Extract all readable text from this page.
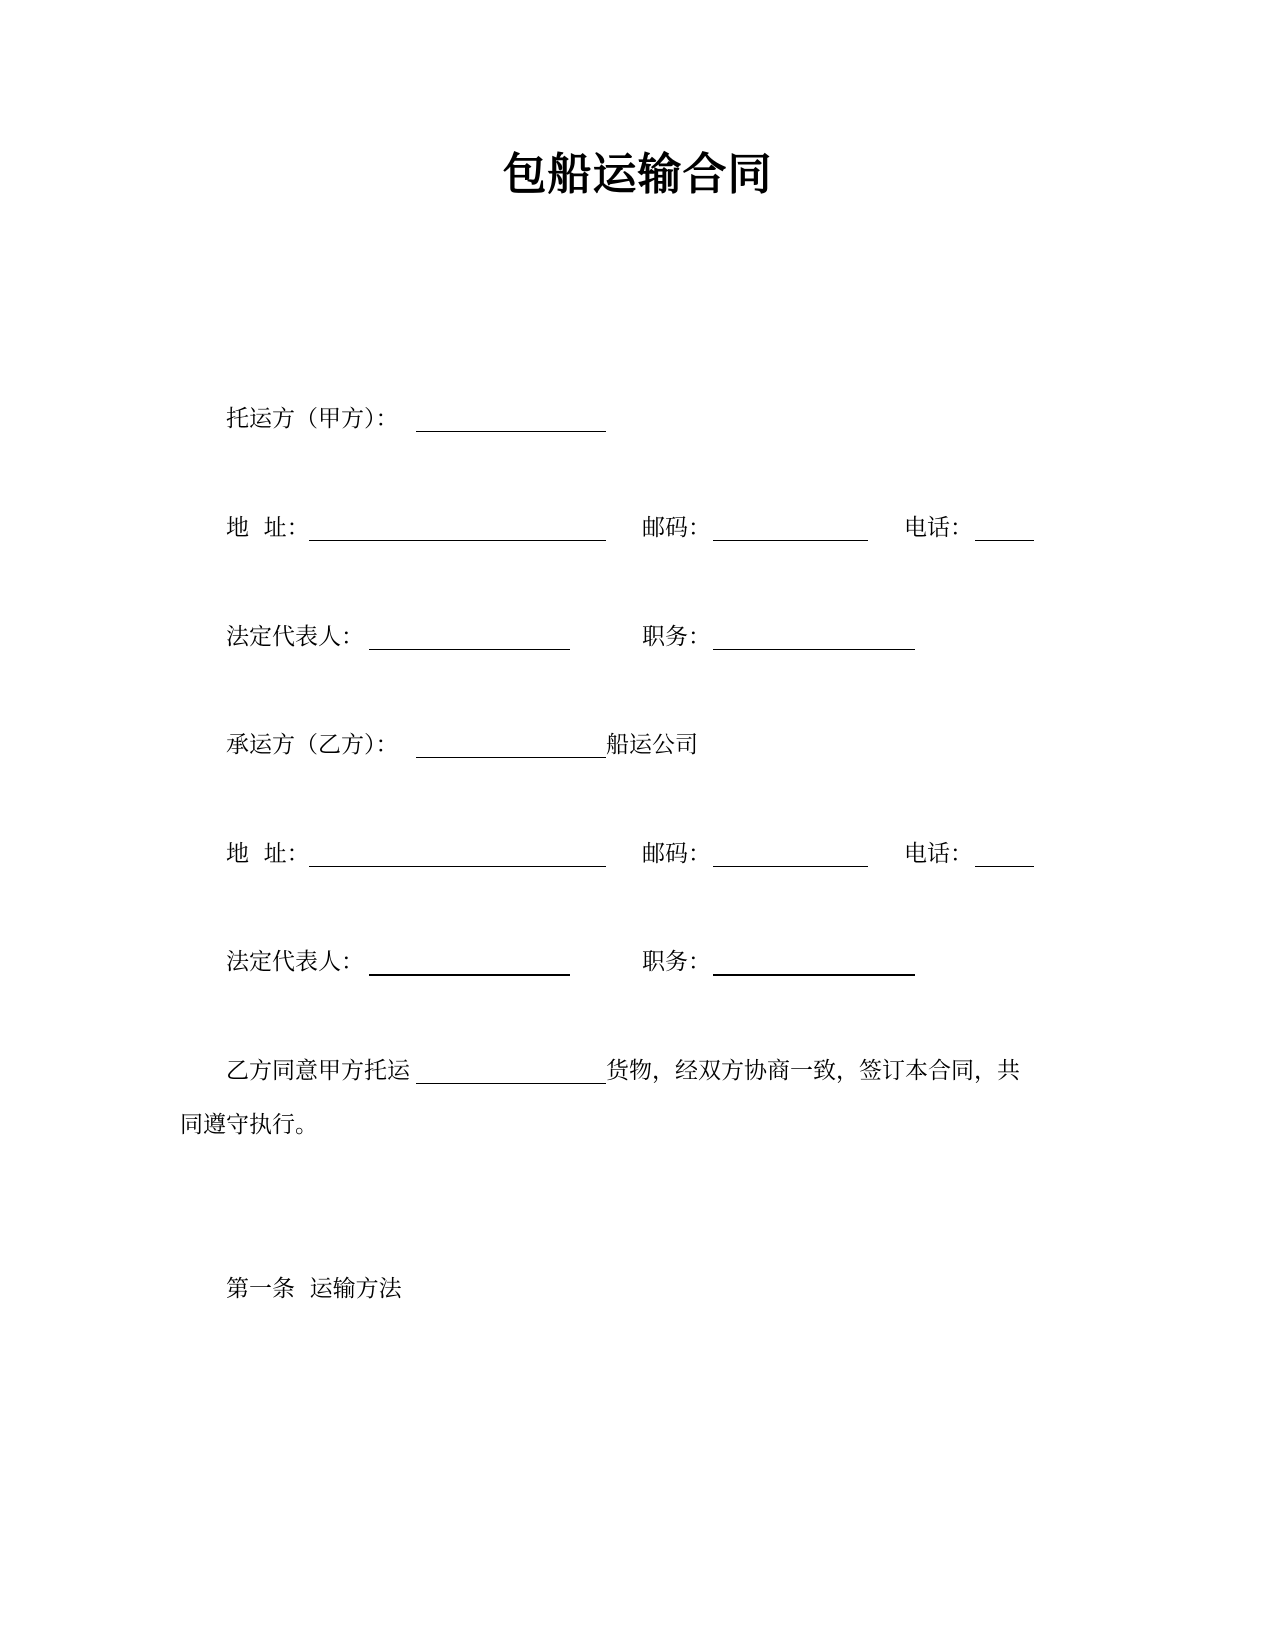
包船运输合同
托运方（甲方）：
地  址：	邮码：	电话：
法定代表人：	职务：
承运方（乙方）：	船运公司
地  址：	邮码：	电话：
法定代表人：	职务：
乙方同意甲方托运	货物，经双方协商一致，签订本合同，共
同遵守执行。
第一条  运输方法
